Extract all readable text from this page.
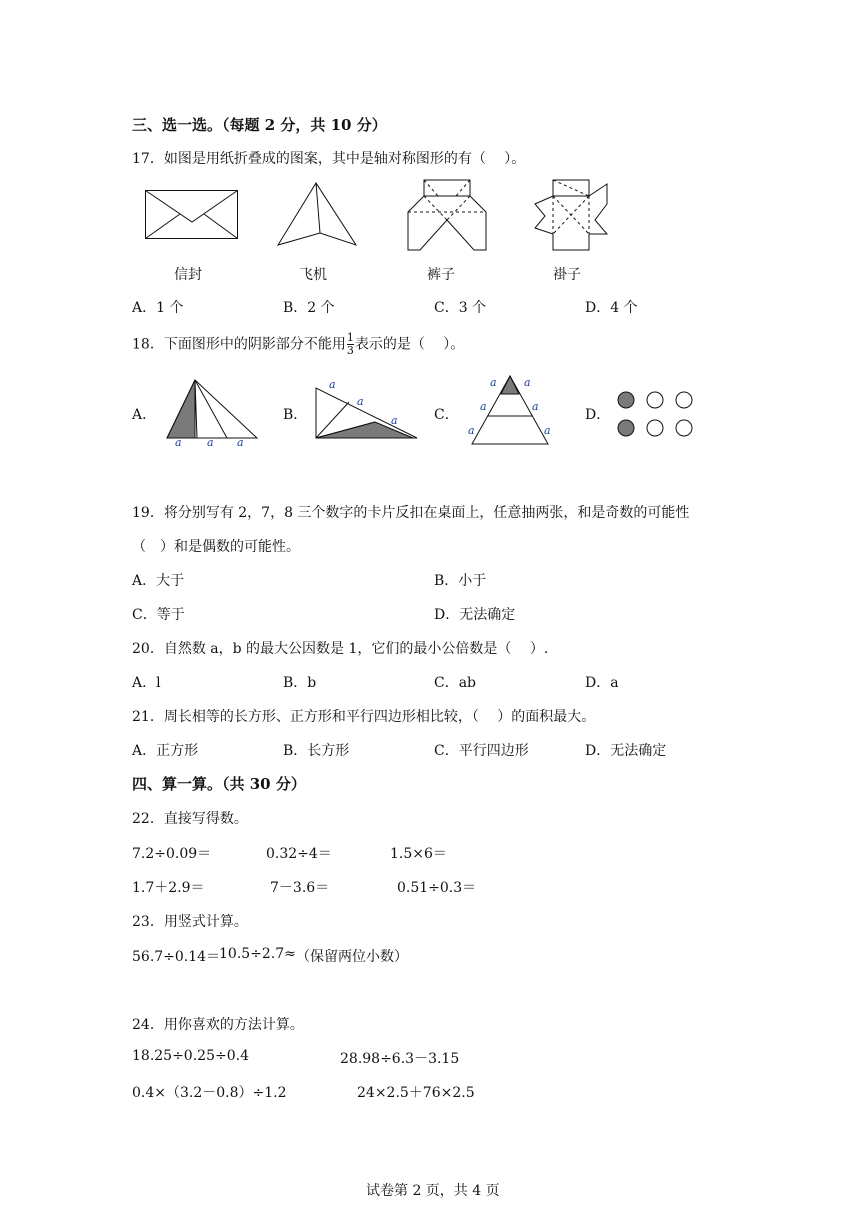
三、选一选。（每题 2 分，共 10 分）
17．如图是用纸折叠成的图案，其中是轴对称图形的有（　 ）。
信封	飞机	裤子	褂子
A．1 个	B．2 个	C．3 个	D．4 个
18．下面图形中的阴影部分不能用 $\frac{1}{3}$ 表示的是（　 ）。
A．	B．	C．	D．
a a a
a
a
a
a a
a	a
a	a
19．将分别写有 2，7，8 三个数字的卡片反扣在桌面上，任意抽两张，和是奇数的可能性
（　）和是偶数的可能性。
A．大于	B．小于
C．等于	D．无法确定
20．自然数 a，b 的最大公因数是 1，它们的最小公倍数是（　 ）.
A．l	B．b	C．ab	D．a
21．周长相等的长方形、正方形和平行四边形相比较，（　 ）的面积最大。
A．正方形	B．长方形	C．平行四边形	D．无法确定
四、算一算。（共 30 分）
22．直接写得数。
7.2÷0.09＝	0.32÷4＝	1.5×6＝
1.7＋2.9＝	7－3.6＝	0.51÷0.3＝
23．用竖式计算。
56.7÷0.14＝
10.5÷2.7≈ （保留两位小数）
24．用你喜欢的方法计算。
18.25÷0.25÷0.4	28.98÷6.3－3.15
0.4×（3.2－0.8）÷1.2	24×2.5＋76×2.5
试卷第 2 页，共 4 页
